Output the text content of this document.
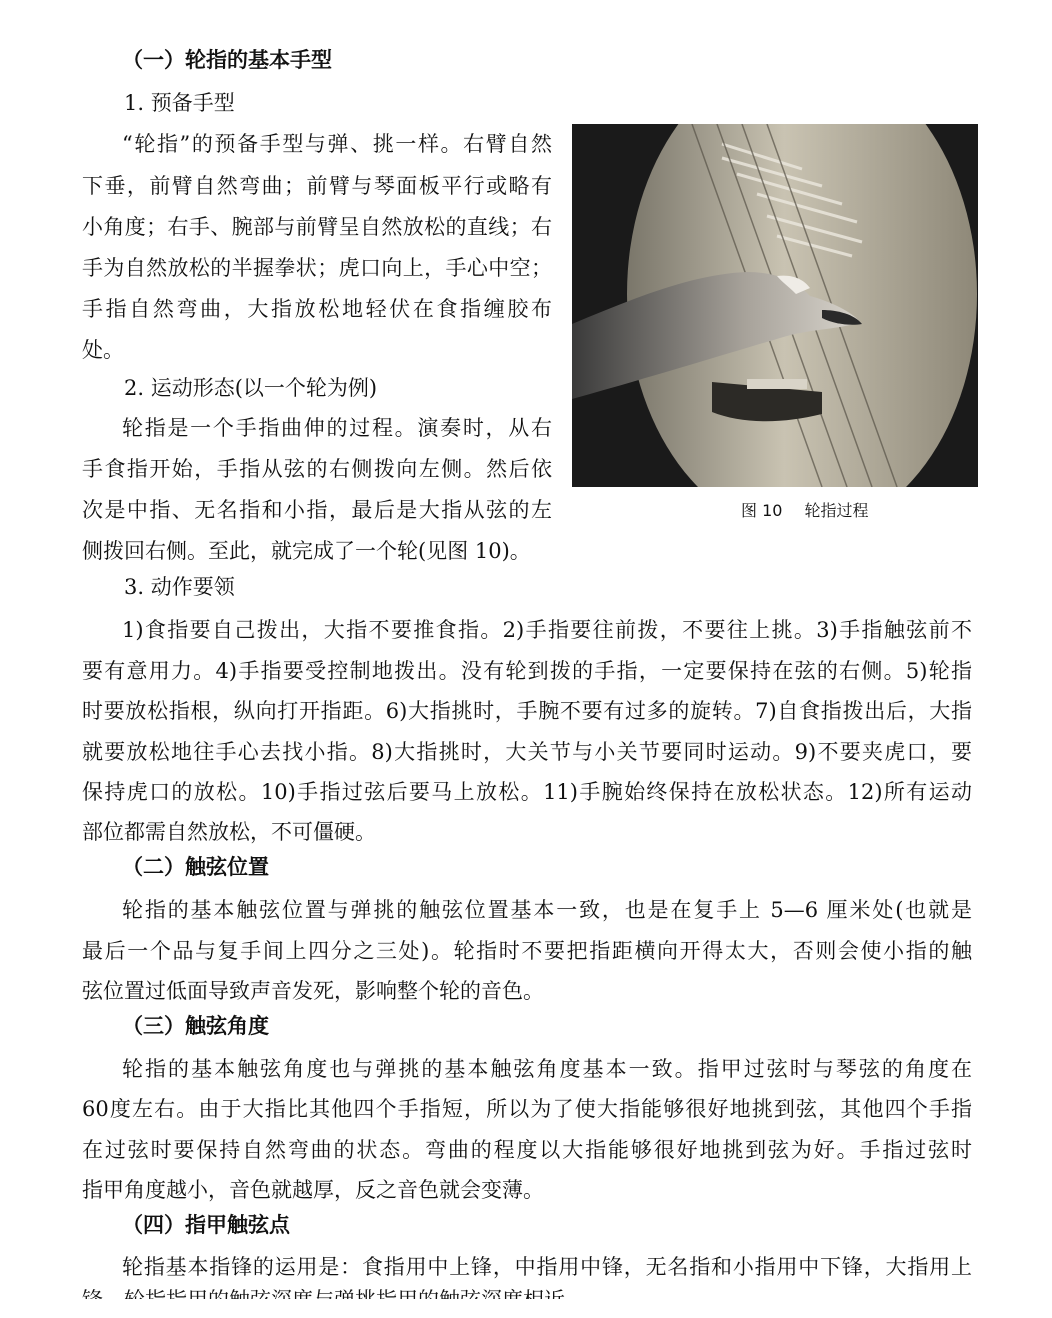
（一）轮指的基本手型
1. 预备手型
“轮指”的预备手型与弹、挑一样。右臂自然
下垂，前臂自然弯曲；前臂与琴面板平行或略有
小角度；右手、腕部与前臂呈自然放松的直线；右
手为自然放松的半握拳状；虎口向上，手心中空；
手指自然弯曲，大指放松地轻伏在食指缠胶布
处。
2. 运动形态(以一个轮为例)
轮指是一个手指曲伸的过程。演奏时，从右
手食指开始，手指从弦的右侧拨向左侧。然后依
次是中指、无名指和小指，最后是大指从弦的左
侧拨回右侧。至此，就完成了一个轮(见图 10)。
图 10 轮指过程
3. 动作要领
1)食指要自己拨出，大指不要推食指。2)手指要往前拨，不要往上挑。3)手指触弦前不
要有意用力。4)手指要受控制地拨出。没有轮到拨的手指，一定要保持在弦的右侧。5)轮指
时要放松指根，纵向打开指距。6)大指挑时，手腕不要有过多的旋转。7)自食指拨出后，大指
就要放松地往手心去找小指。8)大指挑时，大关节与小关节要同时运动。9)不要夹虎口，要
保持虎口的放松。10)手指过弦后要马上放松。11)手腕始终保持在放松状态。12)所有运动
部位都需自然放松，不可僵硬。
（二）触弦位置
轮指的基本触弦位置与弹挑的触弦位置基本一致，也是在复手上 5—6 厘米处(也就是
最后一个品与复手间上四分之三处)。轮指时不要把指距横向开得太大，否则会使小指的触
弦位置过低面导致声音发死，影响整个轮的音色。
（三）触弦角度
轮指的基本触弦角度也与弹挑的基本触弦角度基本一致。指甲过弦时与琴弦的角度在
60度左右。由于大指比其他四个手指短，所以为了使大指能够很好地挑到弦，其他四个手指
在过弦时要保持自然弯曲的状态。弯曲的程度以大指能够很好地挑到弦为好。手指过弦时
指甲角度越小，音色就越厚，反之音色就会变薄。
（四）指甲触弦点
轮指基本指锋的运用是：食指用中上锋，中指用中锋，无名指和小指用中下锋，大指用上
